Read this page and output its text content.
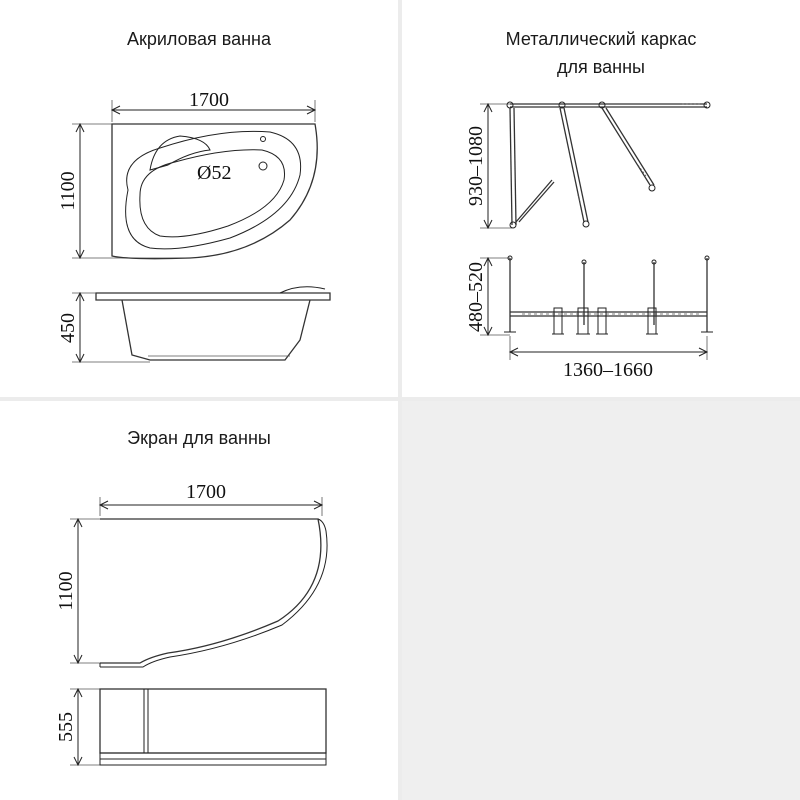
Акриловая ванна
1700
1100	Ø52
450
Металлический каркас
для ванны
930–1080
480–520
1360–1660
Экран для ванны
1700
1100
555
